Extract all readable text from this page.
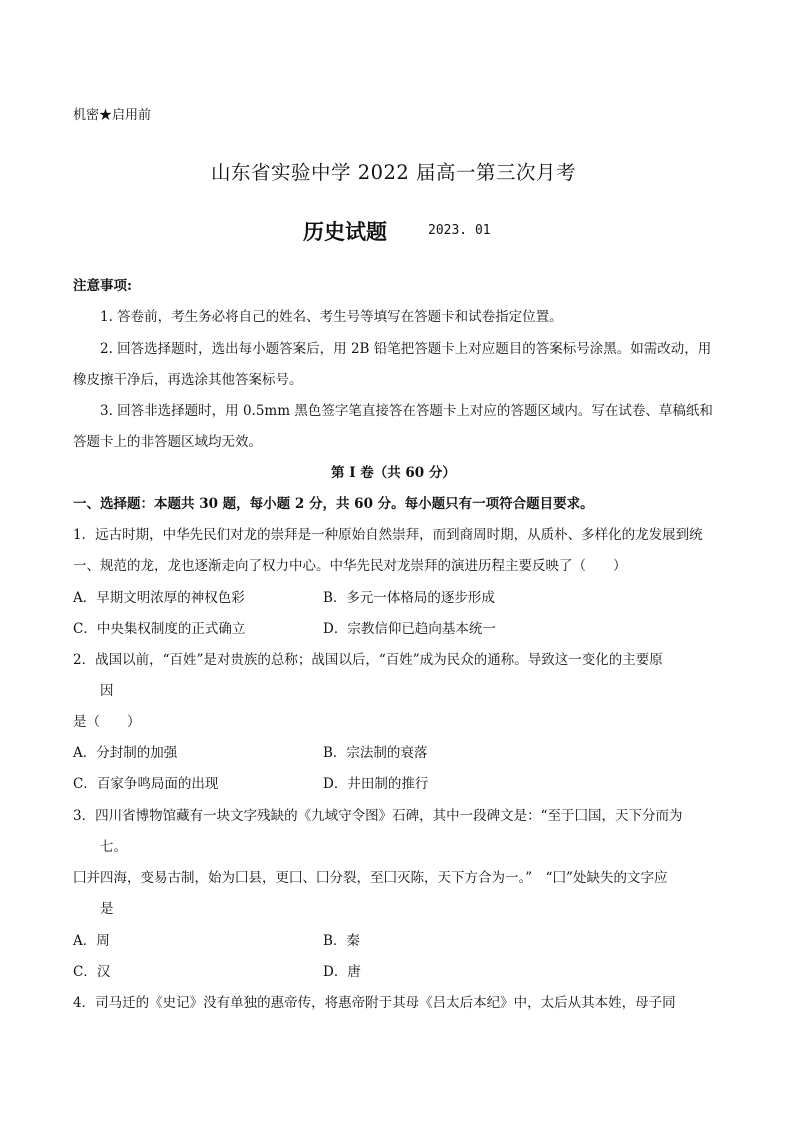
机密★启用前
山东省实验中学 2022 届高一第三次月考
历史试题	2023. 01
注意事项:
1. 答卷前，考生务必将自己的姓名、考生号等填写在答题卡和试卷指定位置。
2. 回答选择题时，选出每小题答案后，用 2B 铅笔把答题卡上对应题目的答案标号涂黑。如需改动，用
橡皮擦干净后，再选涂其他答案标号。
3. 回答非选择题时，用 0.5mm 黑色签字笔直接答在答题卡上对应的答题区域内。写在试卷、草稿纸和
答题卡上的非答题区域均无效。
第 I 卷（共 60 分）
一、选择题：本题共 30 题，每小题 2 分，共 60 分。每小题只有一项符合题目要求。
1．远古时期，中华先民们对龙的崇拜是一种原始自然崇拜，而到商周时期，从质朴、多样化的龙发展到统
一、规范的龙，龙也逐渐走向了权力中心。中华先民对龙崇拜的演进历程主要反映了（　　）
A．早期文明浓厚的神权色彩	B．多元一体格局的逐步形成
C．中央集权制度的正式确立	D．宗教信仰已趋向基本统一
2．战国以前，“百姓”是对贵族的总称；战国以后，“百姓”成为民众的通称。导致这一变化的主要原
因
是（　　）
A．分封制的加强	B．宗法制的衰落
C．百家争鸣局面的出现	D．井田制的推行
3．四川省博物馆藏有一块文字残缺的《九域守令图》石碑，其中一段碑文是：“至于囗国，天下分而为
七。
囗并四海，变易古制，始为囗县，更囗、囗分裂，至囗灭陈，天下方合为一。”　“囗”处缺失的文字应
是
A．周	B．秦
C．汉	D．唐
4．司马迁的《史记》没有单独的惠帝传，将惠帝附于其母《吕太后本纪》中，太后从其本姓，母子同
